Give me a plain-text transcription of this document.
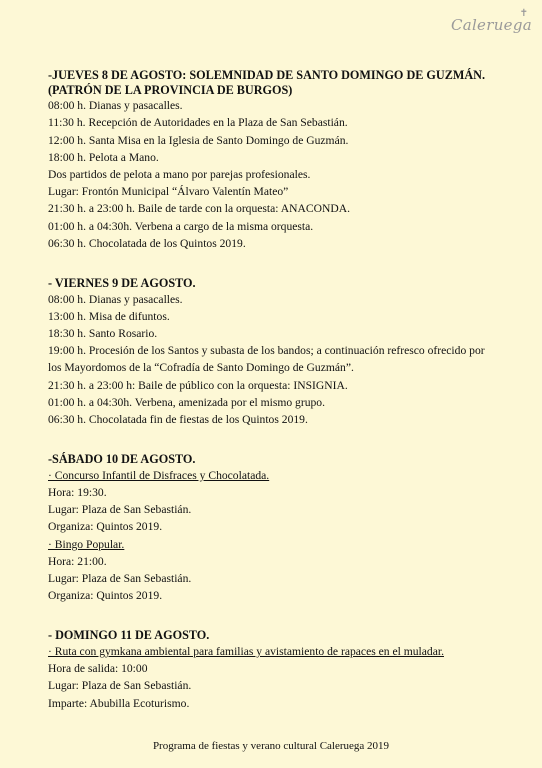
✝
Caleruega

-JUEVES 8 DE AGOSTO: SOLEMNIDAD DE SANTO DOMINGO DE GUZMÁN. (PATRÓN DE LA PROVINCIA DE BURGOS)

08:00 h. Dianas y pasacalles.

11:30 h. Recepción de Autoridades en la Plaza de San Sebastián.

12:00 h. Santa Misa en la Iglesia de Santo Domingo de Guzmán.

18:00 h. Pelota a Mano.

Dos partidos de pelota a mano por parejas profesionales.

Lugar: Frontón Municipal “Álvaro Valentín Mateo”

21:30 h. a 23:00 h. Baile de tarde con la orquesta: ANACONDA.

01:00 h. a 04:30h. Verbena a cargo de la misma orquesta.

06:30 h. Chocolatada de los Quintos 2019.

- VIERNES 9 DE AGOSTO.

08:00 h. Dianas y pasacalles.

13:00 h. Misa de difuntos.

18:30 h. Santo Rosario.

19:00 h. Procesión de los Santos y subasta de los bandos; a continuación refresco ofrecido por los Mayordomos de la “Cofradía de Santo Domingo de Guzmán”.

21:30 h. a 23:00 h: Baile de público con la orquesta: INSIGNIA.

01:00 h. a 04:30h. Verbena, amenizada por el mismo grupo.

06:30 h. Chocolatada fin de fiestas de los Quintos 2019.

-SÁBADO 10 DE AGOSTO.

· Concurso Infantil de Disfraces y Chocolatada.

Hora: 19:30.

Lugar: Plaza de San Sebastián.

Organiza: Quintos 2019.

· Bingo Popular.

Hora: 21:00.

Lugar: Plaza de San Sebastián.

Organiza: Quintos 2019.

- DOMINGO 11 DE AGOSTO.

· Ruta con gymkana ambiental para familias y avistamiento de rapaces en el muladar.

Hora de salida: 10:00

Lugar: Plaza de San Sebastián.

Imparte: Abubilla Ecoturismo.

Programa de fiestas y verano cultural Caleruega 2019
